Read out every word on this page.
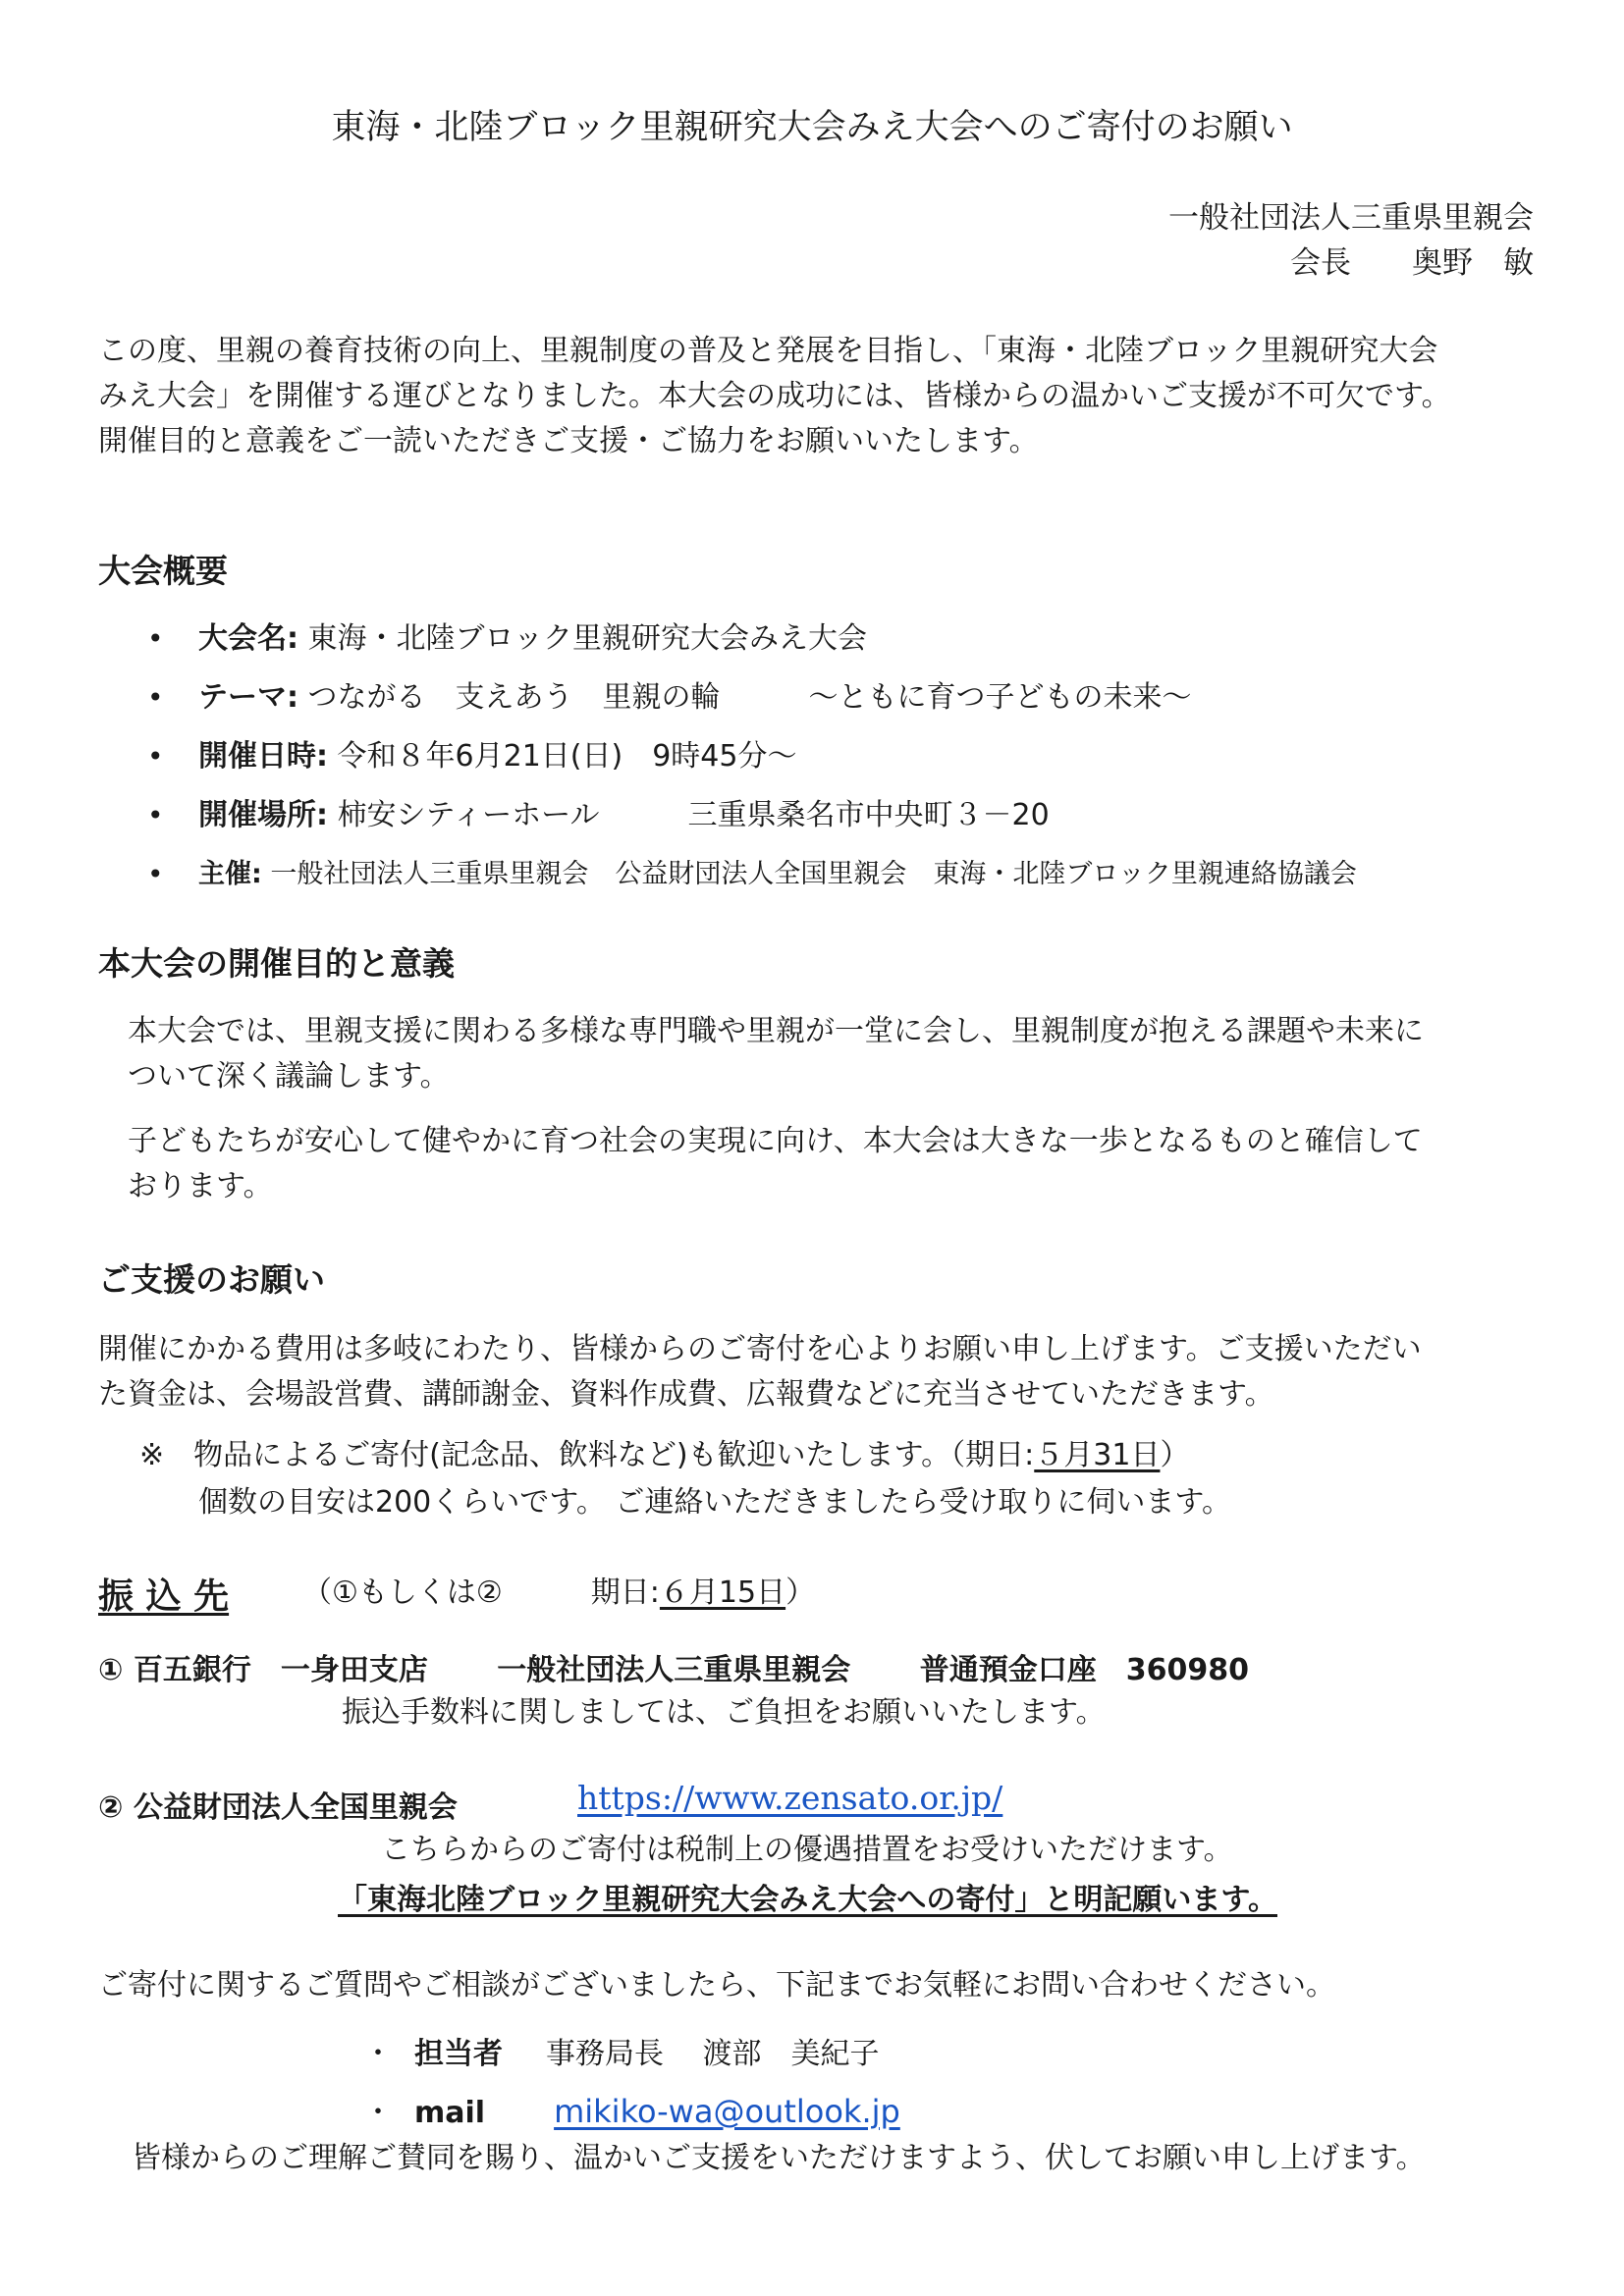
東海・北陸ブロック里親研究大会みえ大会へのご寄付のお願い
一般社団法人三重県里親会
会長 奥野　敏
この度、里親の養育技術の向上、里親制度の普及と発展を目指し、「東海・北陸ブロック里親研究大会
みえ大会」を開催する運びとなりました。本大会の成功には、皆様からの温かいご支援が不可欠です。
開催目的と意義をご一読いただきご支援・ご協力をお願いいたします。
大会概要
• 大会名: 東海・北陸ブロック里親研究大会みえ大会
• テーマ: つながる　支えあう　里親の輪　　　～ともに育つ子どもの未来～
• 開催日時: 令和８年6月21日(日)　9時45分～
• 開催場所: 柿安シティーホール　　　三重県桑名市中央町３－20
• 主催: 一般社団法人三重県里親会　公益財団法人全国里親会　東海・北陸ブロック里親連絡協議会
本大会の開催目的と意義
本大会では、里親支援に関わる多様な専門職や里親が一堂に会し、里親制度が抱える課題や未来に
ついて深く議論します。
子どもたちが安心して健やかに育つ社会の実現に向け、本大会は大きな一歩となるものと確信して
おります。
ご支援のお願い
開催にかかる費用は多岐にわたり、皆様からのご寄付を心よりお願い申し上げます。ご支援いただい
た資金は、会場設営費、講師謝金、資料作成費、広報費などに充当させていただきます。
※　物品によるご寄付(記念品、飲料など)も歓迎いたします。（期日:５月31日）
個数の目安は200くらいです。 ご連絡いただきましたら受け取りに伺います。
振 込 先 （①もしくは②　　　期日:６月15日）
① 百五銀行　一身田支店　　 一般社団法人三重県里親会　　 普通預金口座　360980
振込手数料に関しましては、ご負担をお願いいたします。
② 公益財団法人全国里親会	https://www.zensato.or.jp/
こちらからのご寄付は税制上の優遇措置をお受けいただけます。
「東海北陸ブロック里親研究大会みえ大会への寄付」と明記願います。
ご寄付に関するご質問やご相談がございましたら、下記までお気軽にお問い合わせください。
・ 担当者 事務局長　 渡部　美紀子
・ mail mikiko-wa@outlook.jp
皆様からのご理解ご賛同を賜り、温かいご支援をいただけますよう、伏してお願い申し上げます。
